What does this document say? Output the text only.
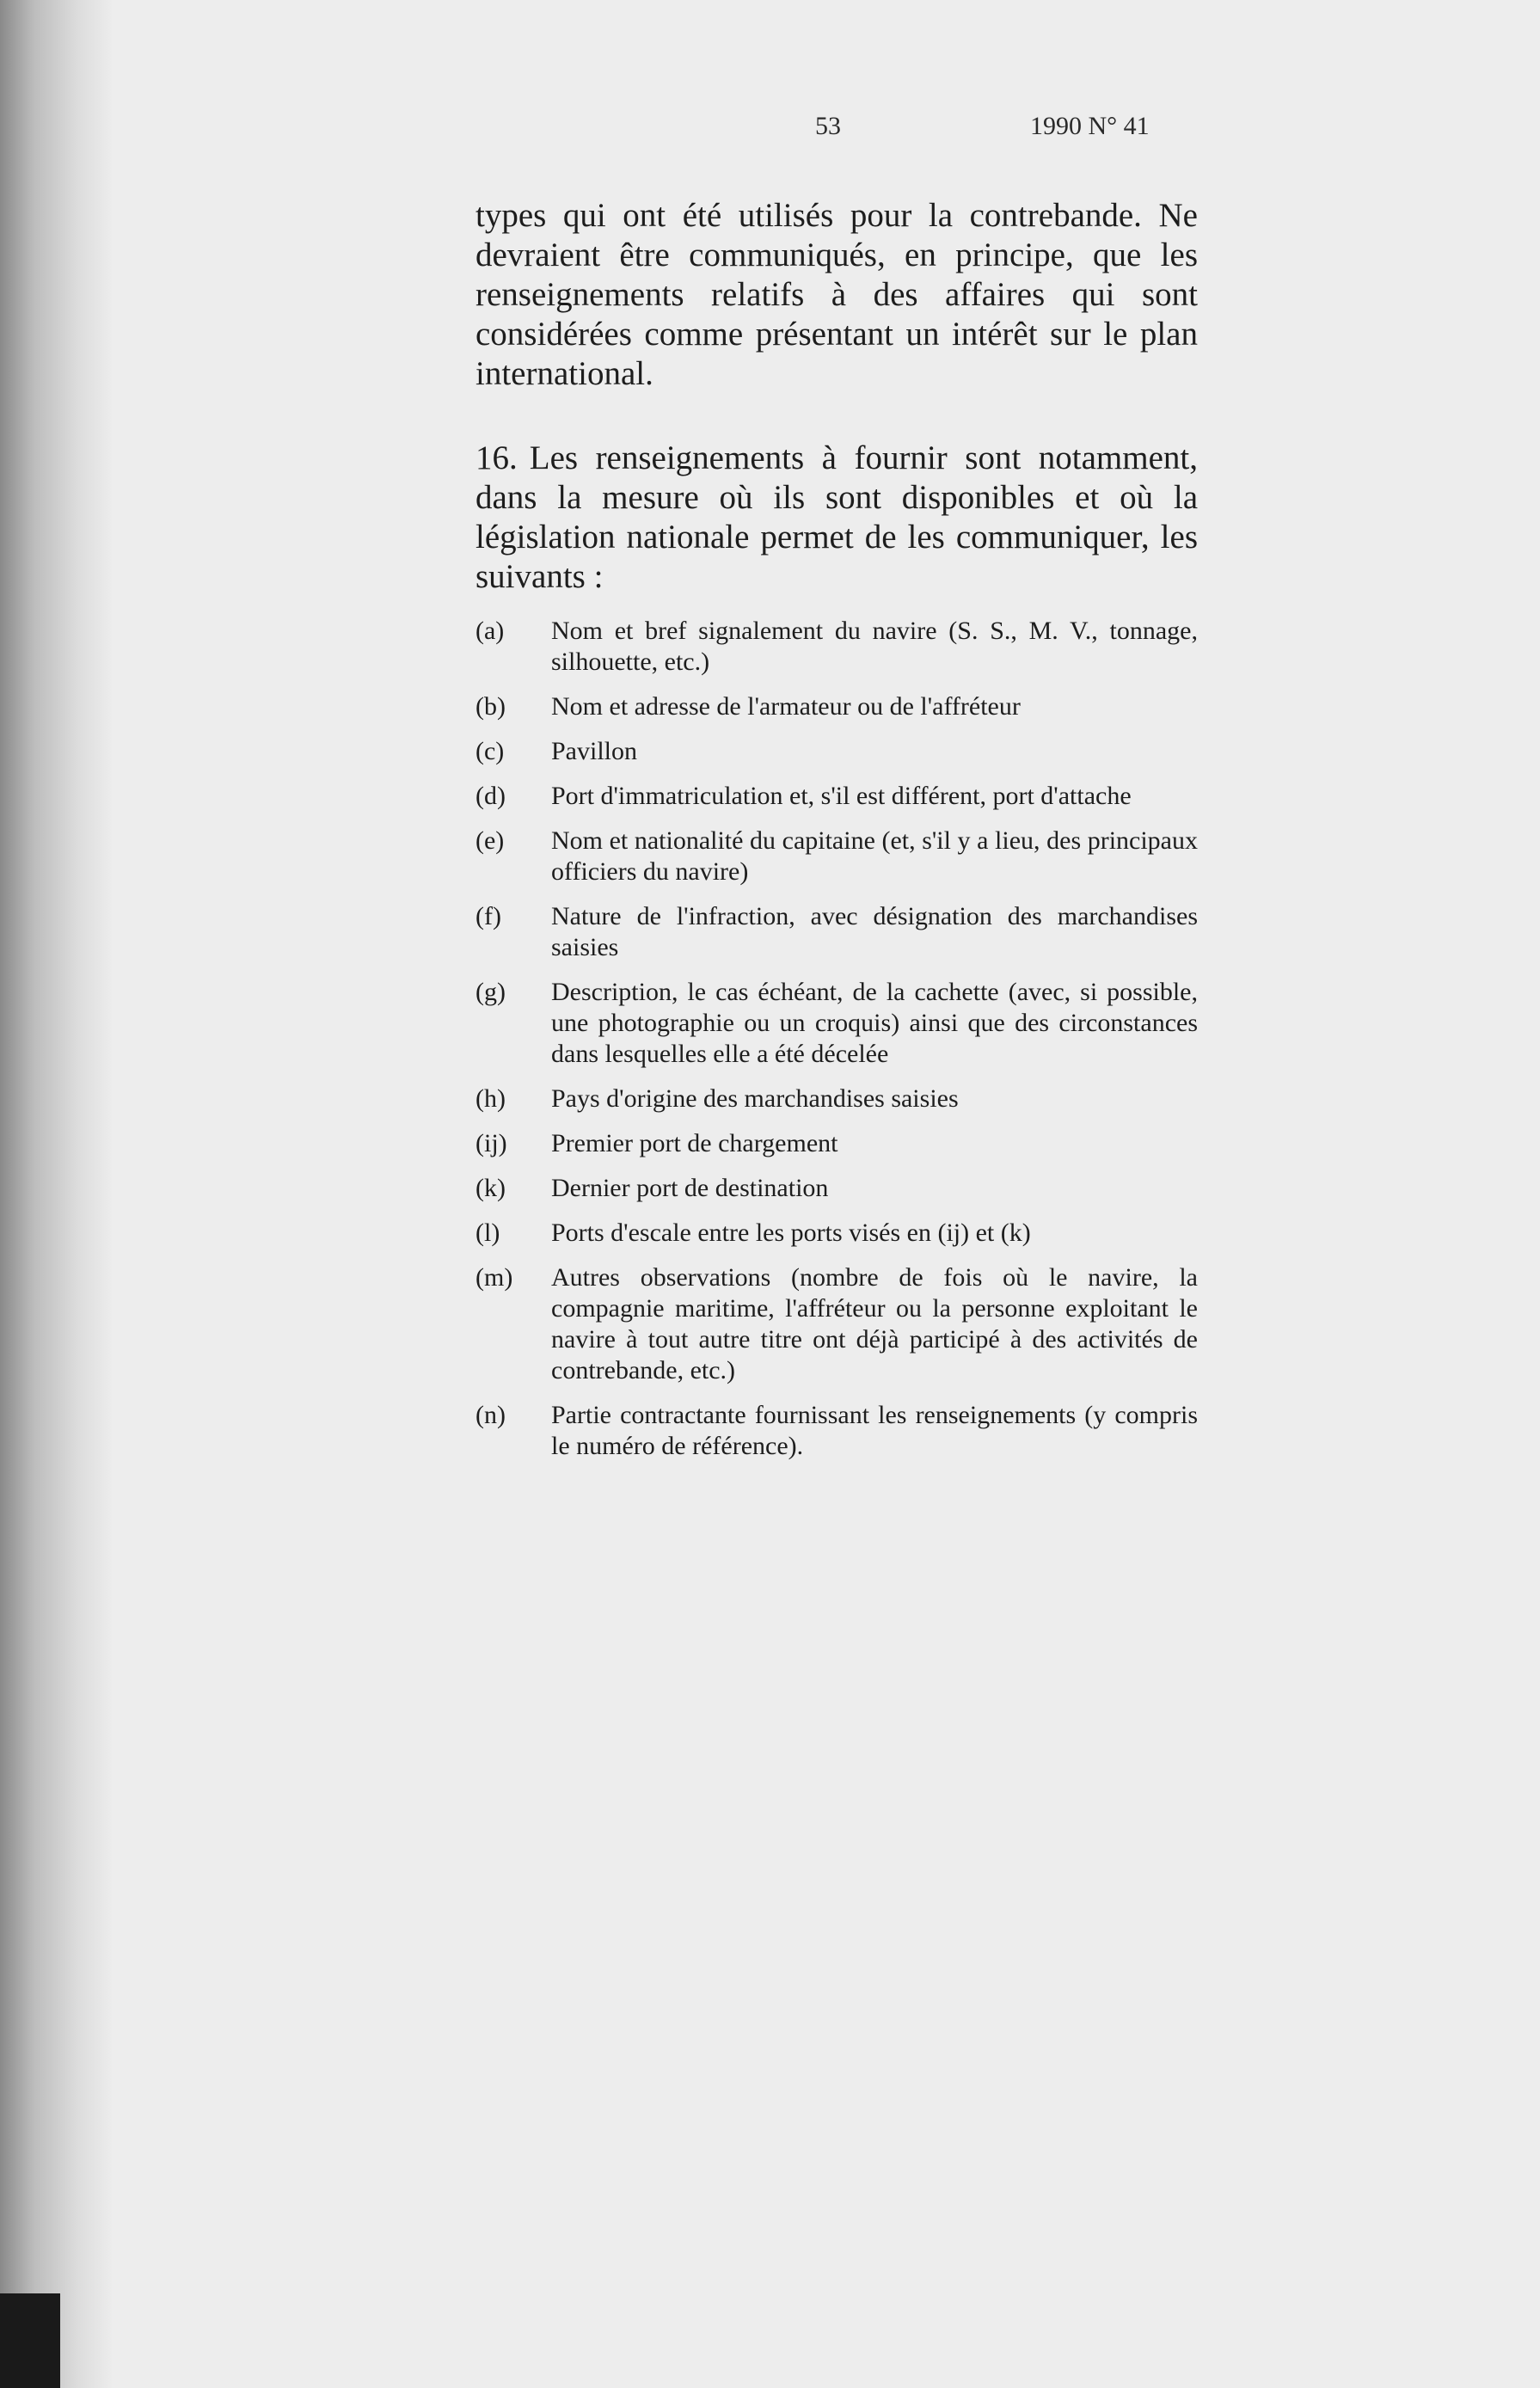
53	1990 N° 41

types qui ont été utilisés pour la contrebande. Ne devraient être communiqués, en principe, que les renseignements relatifs à des affaires qui sont considérées comme présentant un intérêt sur le plan international.

16. Les renseignements à fournir sont notamment, dans la mesure où ils sont disponibles et où la législation nationale permet de les communiquer, les suivants :

(a)	Nom et bref signalement du navire (S. S., M. V., tonnage, silhouette, etc.)
(b)	Nom et adresse de l'armateur ou de l'affréteur
(c)	Pavillon
(d)	Port d'immatriculation et, s'il est différent, port d'attache
(e)	Nom et nationalité du capitaine (et, s'il y a lieu, des principaux officiers du navire)
(f)	Nature de l'infraction, avec désignation des marchandises saisies
(g)	Description, le cas échéant, de la cachette (avec, si possible, une photographie ou un croquis) ainsi que des circonstances dans lesquelles elle a été décelée
(h)	Pays d'origine des marchandises saisies
(ij)	Premier port de chargement
(k)	Dernier port de destination
(l)	Ports d'escale entre les ports visés en (ij) et (k)
(m)	Autres observations (nombre de fois où le navire, la compagnie maritime, l'affréteur ou la personne exploitant le navire à tout autre titre ont déjà participé à des activités de contrebande, etc.)
(n)	Partie contractante fournissant les renseignements (y compris le numéro de référence).
